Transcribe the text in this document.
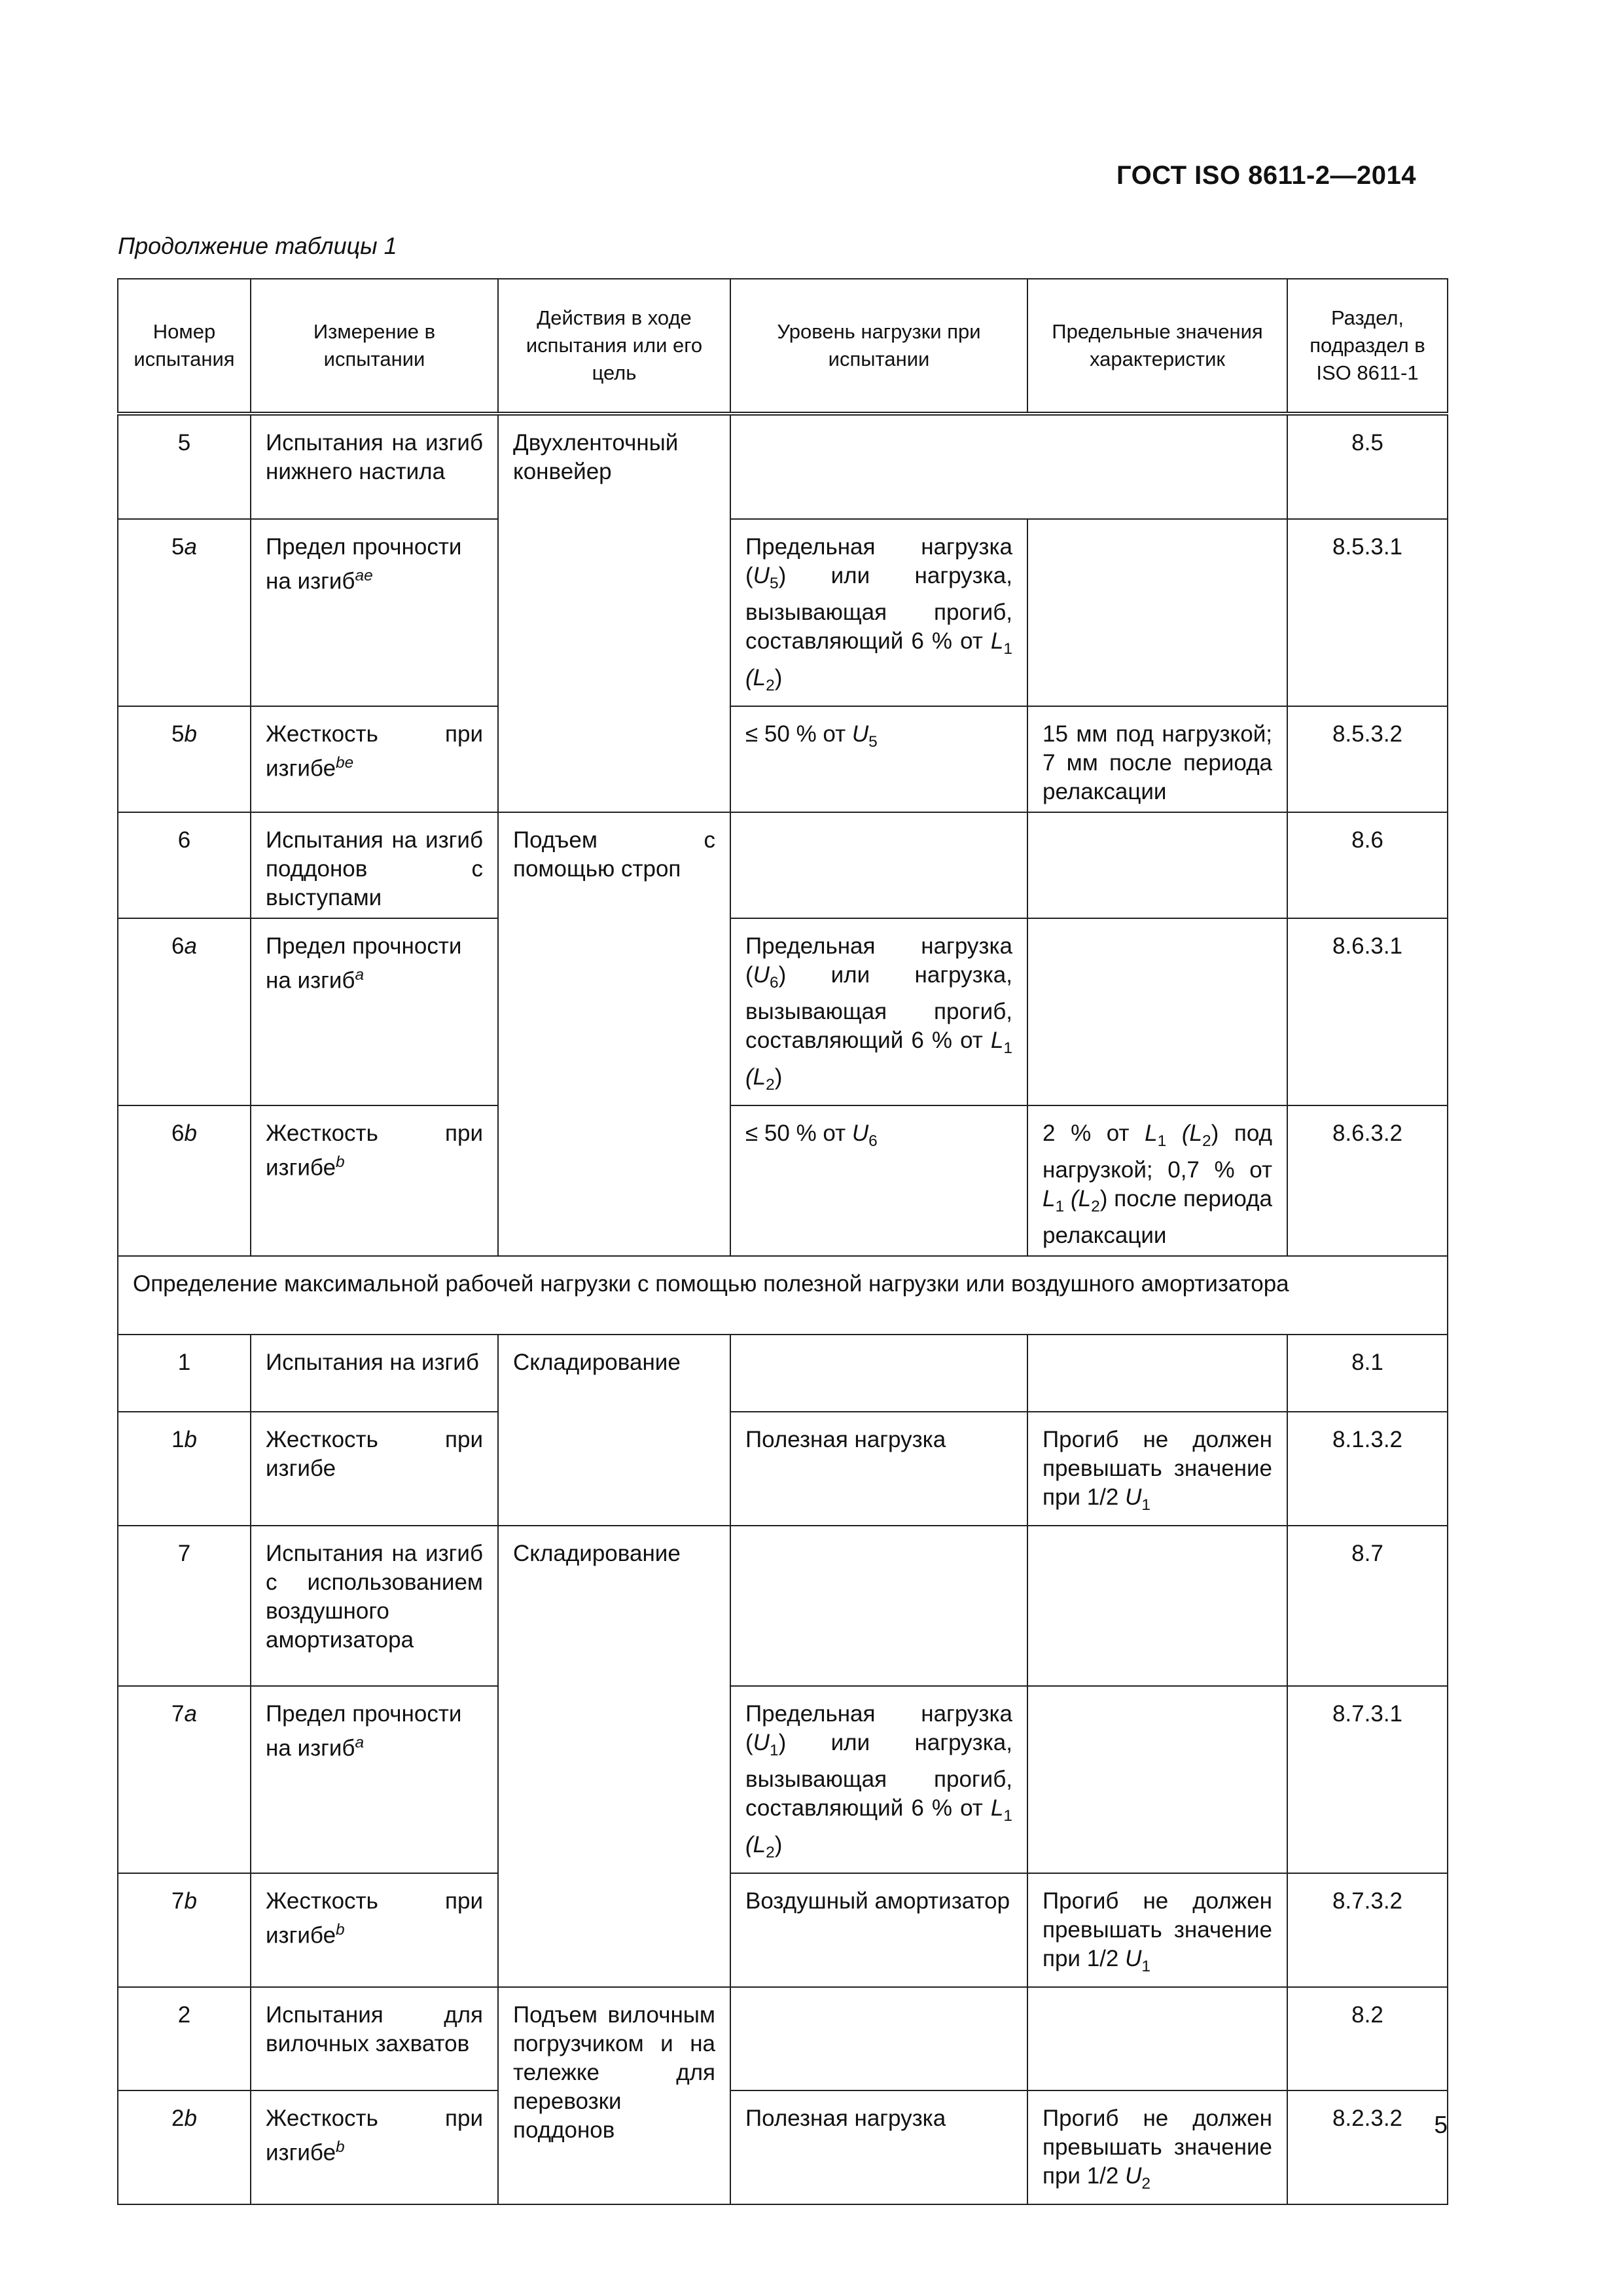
ГОСТ ISO 8611-2—2014
Продолжение таблицы 1
Номер испытания	Измерение в испытании	Действия в ходе испытания или его цель	Уровень нагрузки при испытании	Предельные значения характеристик	Раздел, подраздел в ISO 8611-1
5	Испытания на изгиб нижнего настила	Двухленточный конвейер			8.5
5a	Предел прочности на изгиб$^{ae}$		Предельная нагрузка $(U_5)$ или нагрузка, вызывающая прогиб, составляющий 6 % от $L_1$ $(L_2)$		8.5.3.1
5b	Жесткость при изгибе$^{be}$		≤ 50 % от $U_5$	15 мм под нагрузкой; 7 мм после периода релаксации	8.5.3.2
6	Испытания на изгиб поддонов с выступами	Подъем с помощью строп			8.6
6a	Предел прочности на изгиб$^a$		Предельная нагрузка $(U_6)$ или нагрузка, вызывающая прогиб, составляющий 6 % от $L_1$ $(L_2)$		8.6.3.1
6b	Жесткость при изгибе$^b$		≤ 50 % от $U_6$	2 % от $L_1$ $(L_2)$ под нагрузкой; 0,7 % от $L_1$ $(L_2)$ после периода релаксации	8.6.3.2
Определение максимальной рабочей нагрузки с помощью полезной нагрузки или воздушного амортизатора					
1	Испытания на изгиб	Складирование			8.1
1b	Жесткость при изгибе		Полезная нагрузка	Прогиб не должен превышать значение при 1/2 $U_1$	8.1.3.2
7	Испытания на изгиб с использованием воздушного амортизатора	Складирование			8.7
7a	Предел прочности на изгиб$^a$		Предельная нагрузка $(U_1)$ или нагрузка, вызывающая прогиб, составляющий 6 % от $L_1$ $(L_2)$		8.7.3.1
7b	Жесткость при изгибе$^b$		Воздушный амортизатор	Прогиб не должен превышать значение при 1/2 $U_1$	8.7.3.2
2	Испытания для вилочных захватов	Подъем вилочным погрузчиком и на тележке для перевозки поддонов			8.2
2b	Жесткость при изгибе$^b$		Полезная нагрузка	Прогиб не должен превышать значение при 1/2 $U_2$	8.2.3.2 5
